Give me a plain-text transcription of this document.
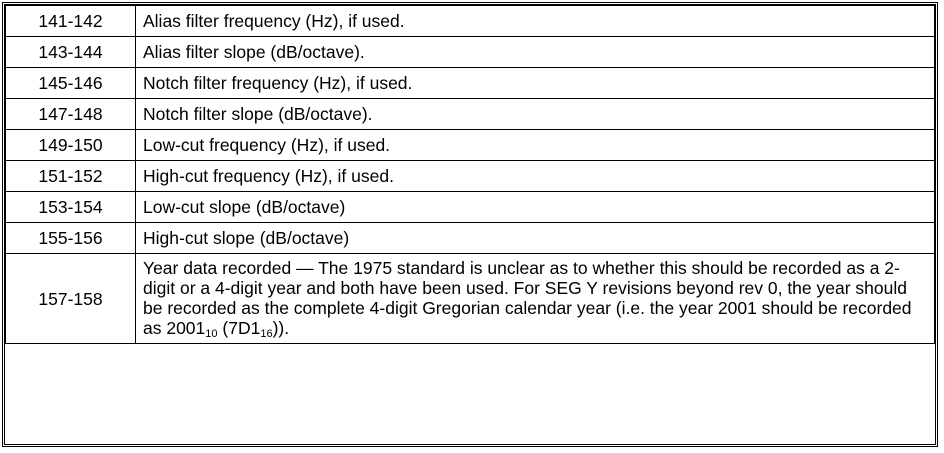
141-142	Alias filter frequency (Hz), if used.
143-144	Alias filter slope (dB/octave).
145-146	Notch filter frequency (Hz), if used.
147-148	Notch filter slope (dB/octave).
149-150	Low-cut frequency (Hz), if used.
151-152	High-cut frequency (Hz), if used.
153-154	Low-cut slope (dB/octave)
155-156	High-cut slope (dB/octave)
157-158	Year data recorded — The 1975 standard is unclear as to whether this should be recorded as a 2-digit or a 4-digit year and both have been used. For SEG Y revisions beyond rev 0, the year should be recorded as the complete 4-digit Gregorian calendar year (i.e. the year 2001 should be recorded as $2001_{10}$ $(7D1_{16})$).
